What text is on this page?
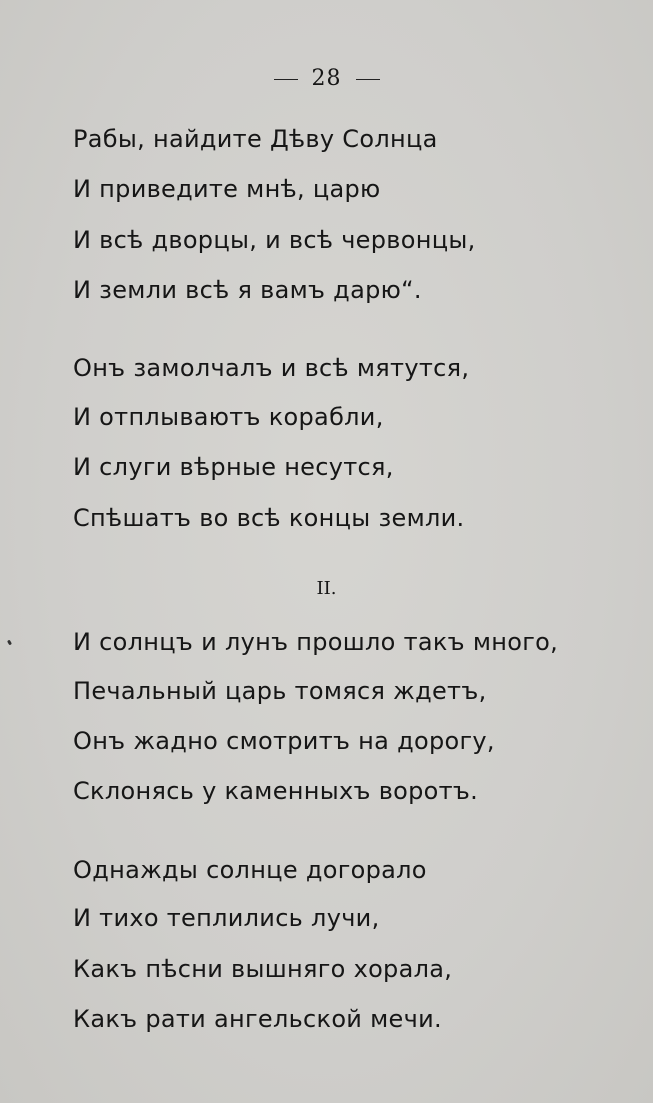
28
Рабы, найдите Дѣву Солнца
И приведите мнѣ, царю
И всѣ дворцы, и всѣ червонцы,
И земли всѣ я вамъ дарю“.
Онъ замолчалъ и всѣ мятутся,
И отплываютъ корабли,
И слуги вѣрные несутся,
Спѣшатъ во всѣ концы земли.
II.
И солнцъ и лунъ прошло такъ много,
Печальный царь томяся ждетъ,
Онъ жадно смотритъ на дорогу,
Склонясь у каменныхъ воротъ.
Однажды солнце догорало
И тихо теплились лучи,
Какъ пѣсни вышняго хорала,
Какъ рати ангельской мечи.
